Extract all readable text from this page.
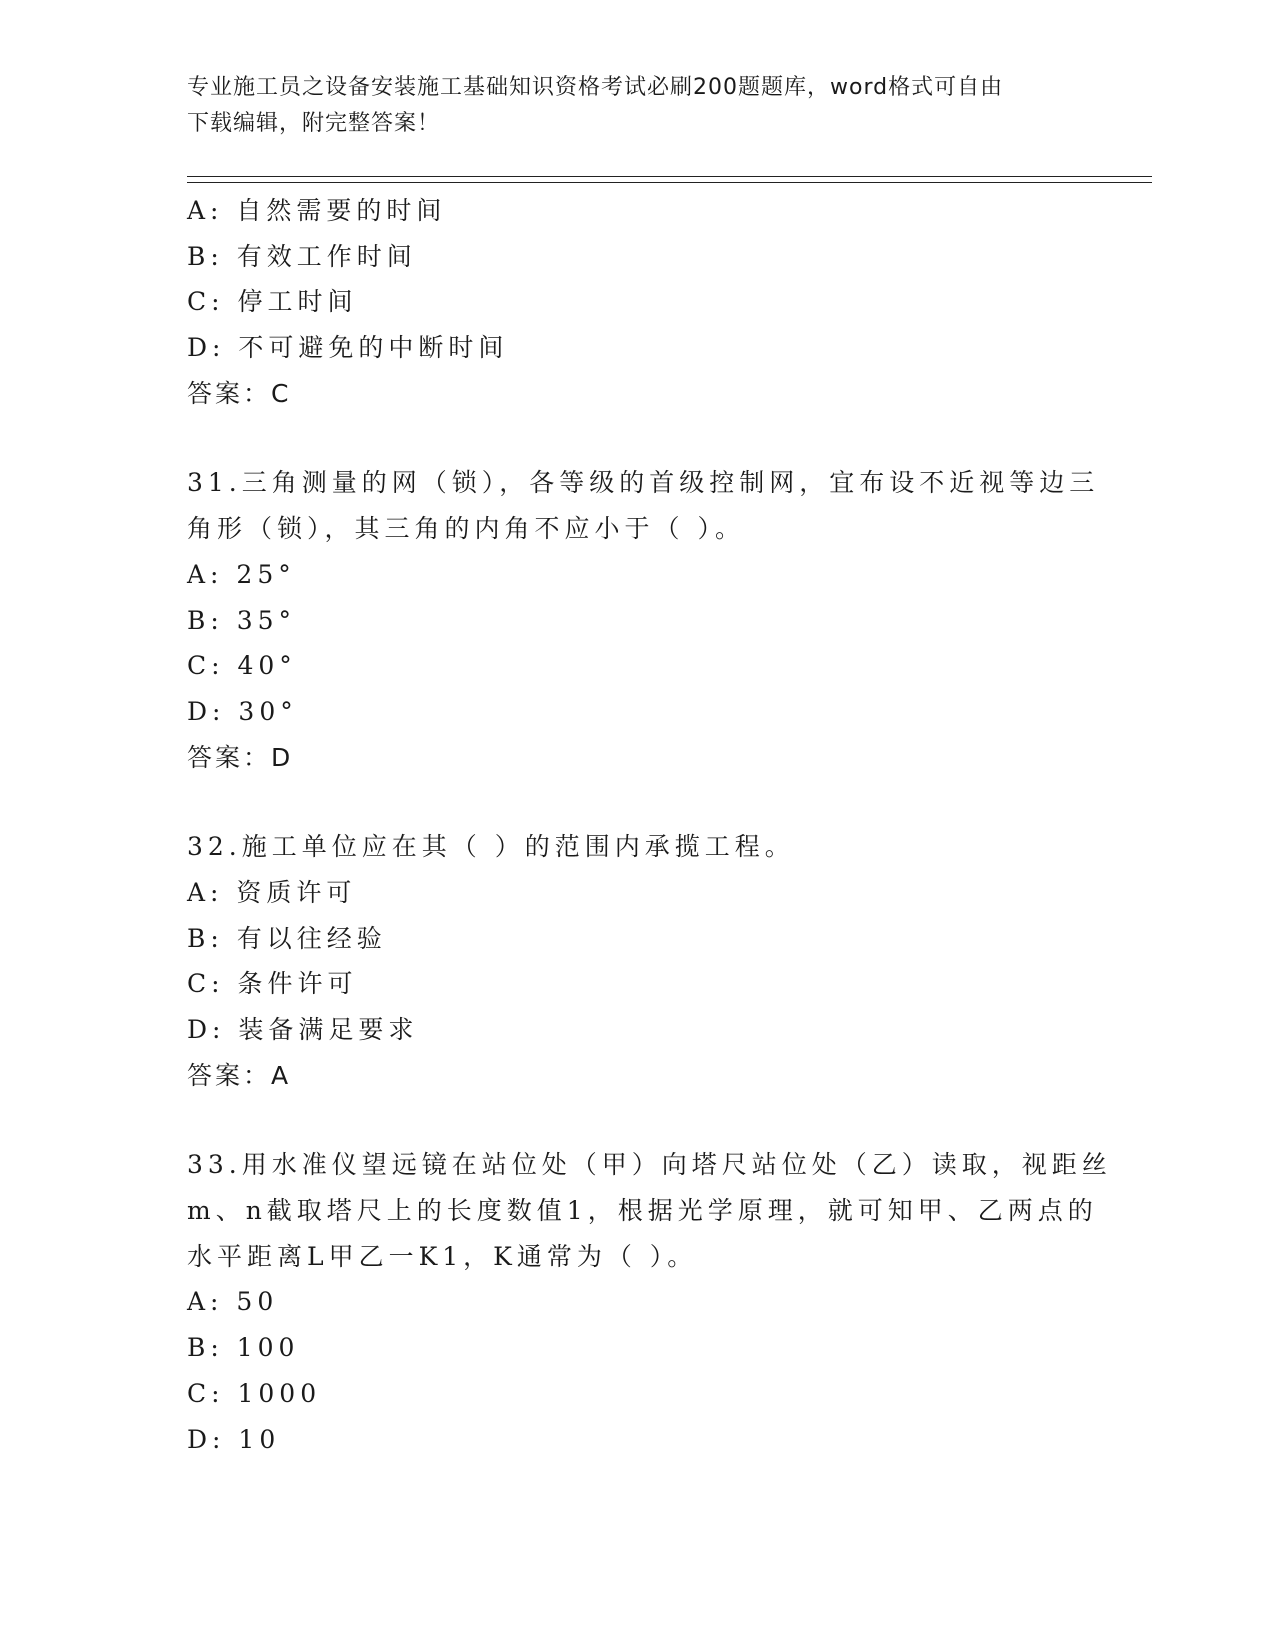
专业施工员之设备安装施工基础知识资格考试必刷200题题库，word格式可自由
下载编辑，附完整答案！
A: 自然需要的时间
B: 有效工作时间
C: 停工时间
D: 不可避免的中断时间
答案：C
31.三角测量的网（锁），各等级的首级控制网，宜布设不近视等边三
角形（锁），其三角的内角不应小于（ ）。
A: 25°
B: 35°
C: 40°
D: 30°
答案：D
32.施工单位应在其（ ）的范围内承揽工程。
A: 资质许可
B: 有以往经验
C: 条件许可
D: 装备满足要求
答案：A
33.用水准仪望远镜在站位处（甲）向塔尺站位处（乙）读取，视距丝
m、n截取塔尺上的长度数值1，根据光学原理，就可知甲、乙两点的
水平距离L甲乙一K1，K通常为（ ）。
A: 50
B: 100
C: 1000
D: 10
